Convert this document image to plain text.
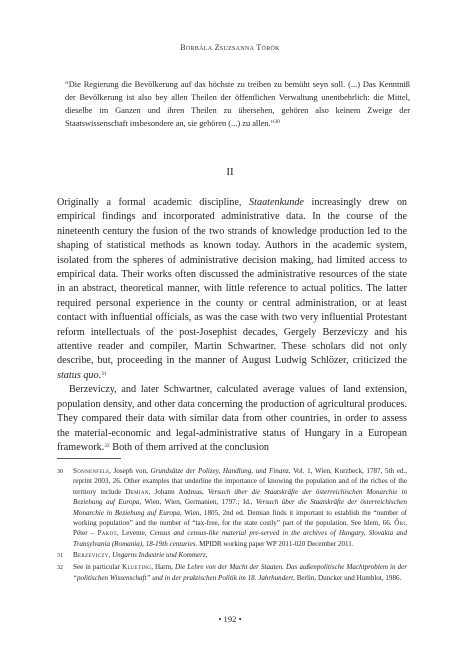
Borbála Zsuzsanna Török
“Die Regierung die Bevölkerung auf das höchste zu treiben zu bemüht seyn soll. (...) Das Kenntniß der Bevölkerung ist also bey allen Theilen der öffentlichen Verwaltung unentbehrlich: die Mittel, dieselbe im Ganzen und ihren Theilen zu übersehen, gehören also keinem Zweige der Staatswissenschaft insbesondere an, sie gehören (...) zu allen.”$^{30}$
II

Originally a formal academic discipline, Staatenkunde increasingly drew on empirical findings and incorporated administrative data. In the course of the nineteenth century the fusion of the two strands of knowledge production led to the shaping of statistical methods as known today. Authors in the academic system, isolated from the spheres of administrative decision making, had limited access to empirical data. Their works often discussed the administrative resources of the state in an abstract, theoretical manner, with little reference to actual politics. The latter required personal experience in the county or central administration, or at least contact with influential officials, as was the case with two very influential Protestant reform intellectuals of the post-Josephist decades, Gergely Berzeviczy and his attentive reader and compiler, Martin Schwartner. These scholars did not only describe, but, proceeding in the manner of August Ludwig Schlözer, criticized the status quo.$^{31}$

Berzeviczy, and later Schwartner, calculated average values of land extension, population density, and other data concerning the production of agricultural produces. They compared their data with similar data from other countries, in order to assess the material-economic and legal-administrative status of Hungary in a European framework.$^{32}$ Both of them arrived at the conclusion

30	Sonnenfels, Joseph von, Grundsätze der Polizey, Handlung, und Finanz, Vol. 1, Wien, Kurzbeck, 1787, 5th ed., reprint 2003, 26. Other examples that underline the importance of knowing the population and of the riches of the territory include Demian, Johann Andreas, Versuch über die Staatskräfte der österreichischen Monarchie in Beziehung auf Europa, Wien, Wien, Germanien, 1797.; Id., Versuch über die Staatskräfte der österreichischen Monarchie in Beziehung auf Europa, Wien, 1805, 2nd ed. Demian finds it important to establish the “number of working population” and the number of “tax-free, for the state costly” part of the population. See Idem, 66. Őri, Péter – Pakot, Levente, Census and census-like material pre-served in the archives of Hungary, Slovakia and Transylvania (Romania), 18-19th centuries. MPIDR working paper WP 2011-020 December 2011.
31	Berzeviczy, Ungarns Industrie und Kommerz,
32	See in particular Klueting, Harm, Die Lehre von der Macht der Staaten. Das außenpolitische Machtproblem in der “politischen Wissenschaft” und in der praktischen Politik im 18. Jahrhundert, Berlin, Duncker und Humblot, 1986.
• 192 •
